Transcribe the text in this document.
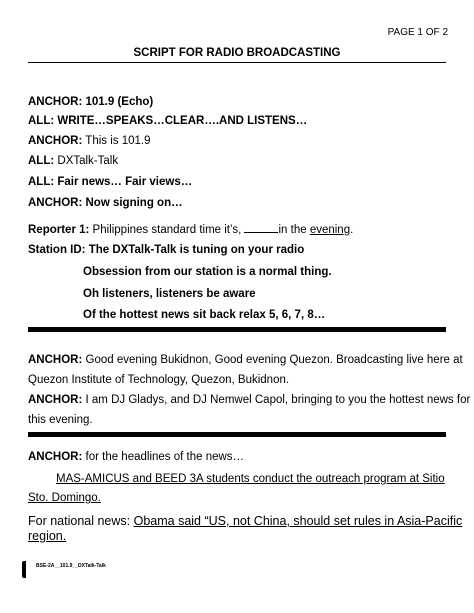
PAGE 1 OF 2
SCRIPT FOR RADIO BROADCASTING
ANCHOR: 101.9 (Echo)
ALL: WRITE…SPEAKS…CLEAR….AND LISTENS…
ANCHOR: This is 101.9
ALL: DXTalk-Talk
ALL: Fair news… Fair views…
ANCHOR: Now signing on…
Reporter 1: Philippines standard time it’s,	in the evening.
Station ID: The DXTalk-Talk is tuning on your radio
Obsession from our station is a normal thing.
Oh listeners, listeners be aware
Of the hottest news sit back relax 5, 6, 7, 8…
ANCHOR: Good evening Bukidnon, Good evening Quezon. Broadcasting live here at
Quezon Institute of Technology, Quezon, Bukidnon.
ANCHOR: I am DJ Gladys, and DJ Nemwel Capol, bringing to you the hottest news for
this evening.
ANCHOR: for the headlines of the news…
MAS-AMICUS and BEED 3A students conduct the outreach program at Sitio
Sto. Domingo.
For national news: Obama said “US, not China, should set rules in Asia-Pacific
region.
BSE-2A__101.9__DXTalk-Talk
